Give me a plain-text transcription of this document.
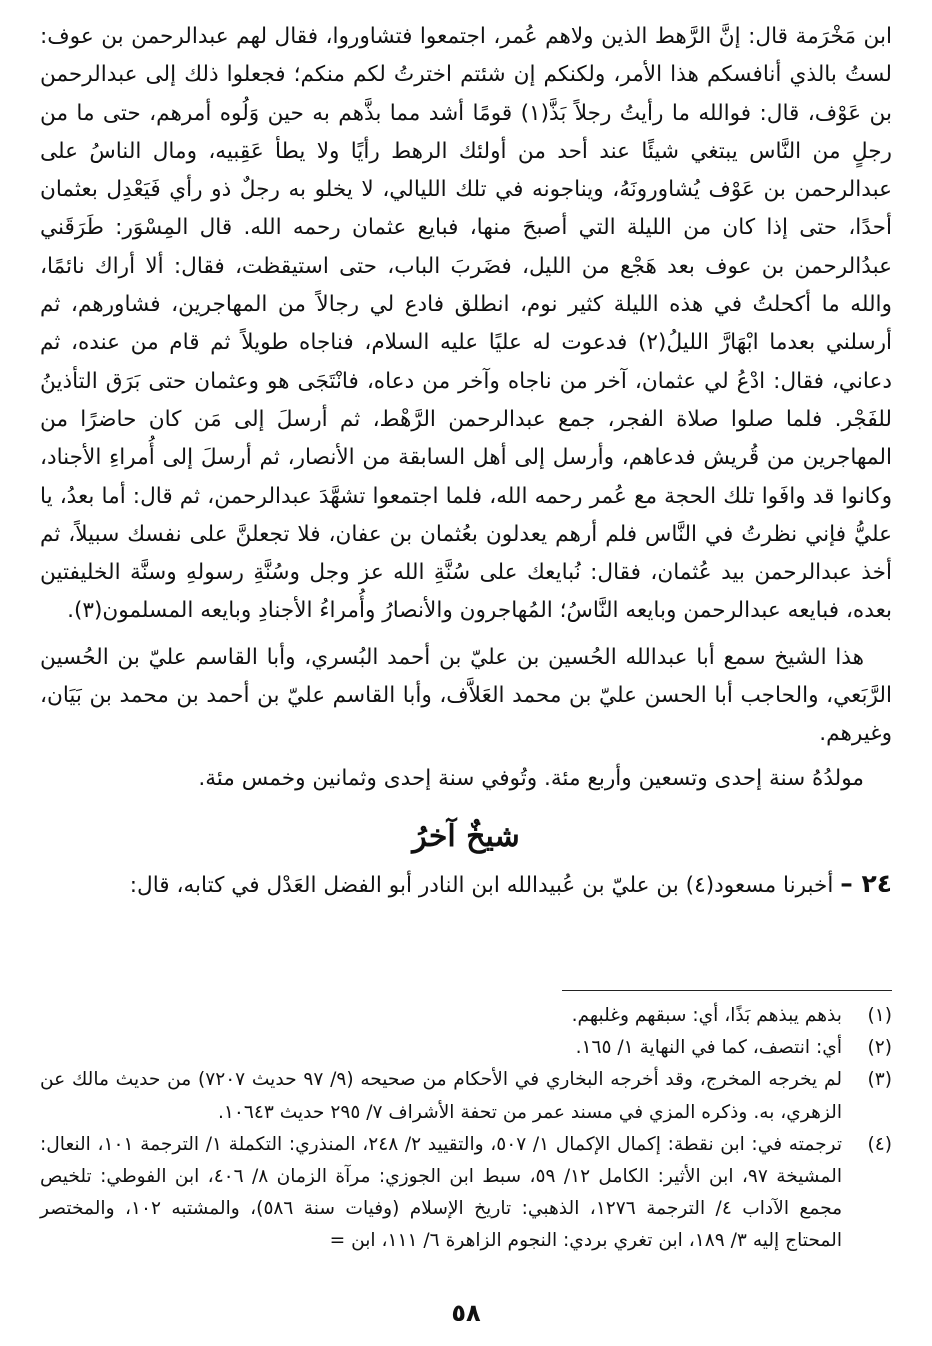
ابن مَخْرَمة قال: إنَّ الرَّهط الذين ولاهم عُمر، اجتمعوا فتشاوروا، فقال لهم عبدالرحمن بن عوف: لستُ بالذي أنافسكم هذا الأمر، ولكنكم إن شئتم اخترتُ لكم منكم؛ فجعلوا ذلك إلى عبدالرحمن بن عَوْف، قال: فوالله ما رأيتُ رجلاً بَذَّ(١) قومًا أشد مما بذَّهم به حين وَلُوه أمرهم، حتى ما من رجلٍ من النَّاس يبتغي شيئًا عند أحد من أولئك الرهط رأيًا ولا يطأ عَقِبيه، ومال الناسُ على عبدالرحمن بن عَوْف يُشاورونَهُ، ويناجونه في تلك الليالي، لا يخلو به رجلٌ ذو رأي فَيَعْدِل بعثمان أحدًا، حتى إذا كان من الليلة التي أصبحَ منها، فبايع عثمان رحمه الله. قال المِسْوَر: طَرَقَني عبدُالرحمن بن عوف بعد هَجْع من الليل، فضَربَ الباب، حتى استيقظت، فقال: ألا أراك نائمًا، والله ما أكحلتُ في هذه الليلة كثير نوم، انطلق فادع لي رجالاً من المهاجرين، فشاورهم، ثم أرسلني بعدما ابْهَارَّ الليلُ(٢) فدعوت له عليًا عليه السلام، فناجاه طويلاً ثم قام من عنده، ثم دعاني، فقال: ادْعُ لي عثمان، آخر من ناجاه وآخر من دعاه، فانْتَجَى هو وعثمان حتى بَرَق التأذينُ للفَجْر. فلما صلوا صلاة الفجر، جمع عبدالرحمن الرَّهْط، ثم أرسلَ إلى مَن كان حاضرًا من المهاجرين من قُريش فدعاهم، وأرسل إلى أهل السابقة من الأنصار، ثم أرسلَ إلى أُمراءِ الأجناد، وكانوا قد وافَوا تلك الحجة مع عُمر رحمه الله، فلما اجتمعوا تشهَّدَ عبدالرحمن، ثم قال: أما بعدُ، يا عليُّ فإني نظرتُ في النَّاس فلم أرهم يعدلون بعُثمان بن عفان، فلا تجعلنَّ على نفسك سبيلاً، ثم أخذ عبدالرحمن بيد عُثمان، فقال: نُبايعك على سُنَّةِ الله عز وجل وسُنَّةِ رسولهِ وسنَّة الخليفتين بعده، فبايعه عبدالرحمن وبايعه النَّاسُ؛ المُهاجرون والأنصارُ وأُمراءُ الأجنادِ وبايعه المسلمون(٣).

هذا الشيخ سمع أبا عبدالله الحُسين بن عليّ بن أحمد البُسري، وأبا القاسم عليّ بن الحُسين الرَّبَعي، والحاجب أبا الحسن عليّ بن محمد العَلاَّف، وأبا القاسم عليّ بن أحمد بن محمد بن بَيَان، وغيرهم.

مولدُهُ سنة إحدى وتسعين وأربع مئة. وتُوفي سنة إحدى وثمانين وخمس مئة.

شيخٌ آخرُ

٢٤ – أخبرنا مسعود(٤) بن عليّ بن عُبيدالله ابن النادر أبو الفضل العَدْل في كتابه، قال:

(١)
بذهم يبذهم بَذًا، أي: سبقهم وغلبهم.
(٢)
أي: انتصف، كما في النهاية ١/ ١٦٥.
(٣)
لم يخرجه المخرج، وقد أخرجه البخاري في الأحكام من صحيحه (٩/ ٩٧ حديث ٧٢٠٧) من حديث مالك عن الزهري، به. وذكره المزي في مسند عمر من تحفة الأشراف ٧/ ٢٩٥ حديث ١٠٦٤٣.
(٤)
ترجمته في: ابن نقطة: إكمال الإكمال ١/ ٥٠٧، والتقييد ٢/ ٢٤٨، المنذري: التكملة ١/ الترجمة ١٠١، النعال: المشيخة ٩٧، ابن الأثير: الكامل ١٢/ ٥٩، سبط ابن الجوزي: مرآة الزمان ٨/ ٤٠٦، ابن الفوطي: تلخيص مجمع الآداب ٤/ الترجمة ١٢٧٦، الذهبي: تاريخ الإسلام (وفيات سنة ٥٨٦)، والمشتبه ١٠٢، والمختصر المحتاج إليه ٣/ ١٨٩، ابن تغري بردي: النجوم الزاهرة ٦/ ١١١، ابن =
٥٨
